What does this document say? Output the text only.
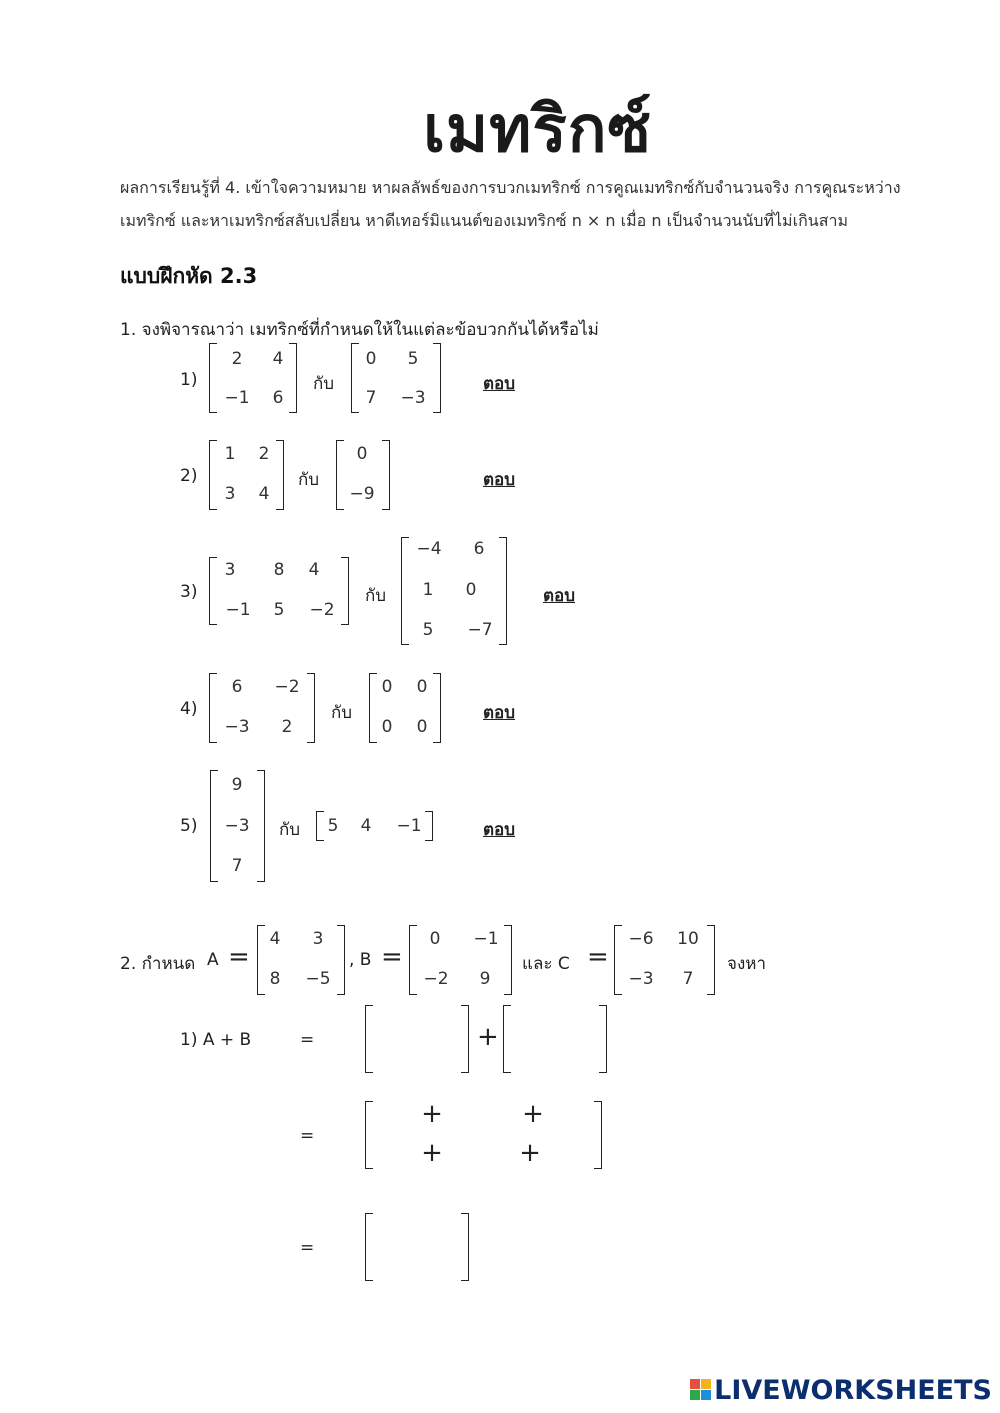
เมทริกซ์
ผลการเรียนรู้ที่ 4. เข้าใจความหมาย หาผลลัพธ์ของการบวกเมทริกซ์ การคูณเมทริกซ์กับจำนวนจริง การคูณระหว่าง
เมทริกซ์ และหาเมทริกซ์สลับเปลี่ยน หาดีเทอร์มิแนนต์ของเมทริกซ์ n × n เมื่อ n เป็นจำนวนนับที่ไม่เกินสาม
แบบฝึกหัด 2.3
1. จงพิจารณาว่า เมทริกซ์ที่กำหนดให้ในแต่ละข้อบวกกันได้หรือไม่
1)
2 4
−1 6
กับ
0 5
7 −3
ตอบ
2)
1 2
3 4
กับ
0
−9
ตอบ
3)
3 8 4
−1 5 −2
กับ
−4 6
1 0
5 −7
ตอบ
4)
6 −2
−3 2
กับ
0 0
0 0
ตอบ
5)
9
−3
7
กับ 5 4 −1	ตอบ
2. กำหนด A =
4 3
8 −5
, B =
0 −1
−2 9
และ C =
−6 10
−3 7
จงหา
1) A + B	=	+
=
+	+
+	+
=
LIVEWORKSHEETS
